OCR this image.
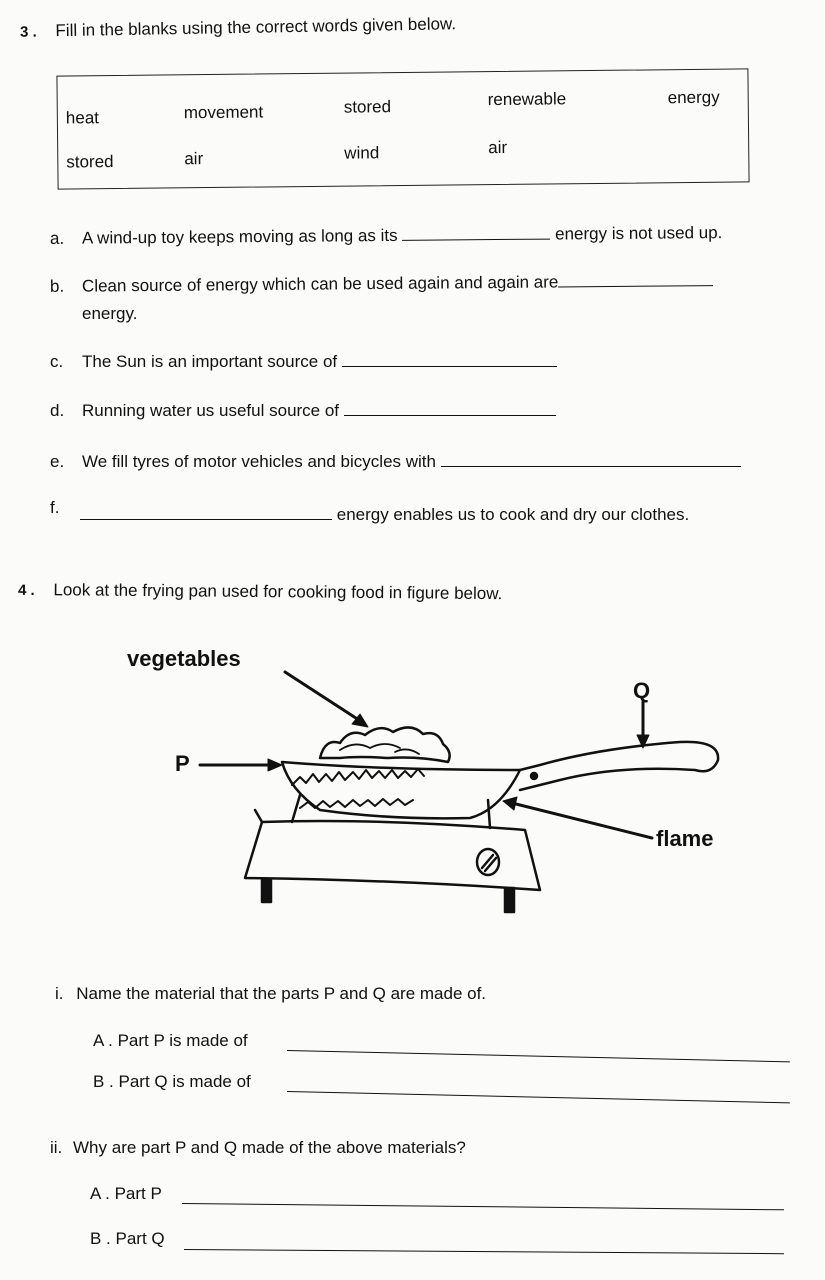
3 . Fill in the blanks using the correct words given below.
heat	movement	stored	renewable	energy
stored	air	wind	air
a. A wind-up toy keeps moving as long as its	energy is not used up.
b. Clean source of energy which can be used again and again are
energy.
c. The Sun is an important source of
d. Running water us useful source of
e. We fill tyres of motor vehicles and bicycles with
f.	energy enables us to cook and dry our clothes.
4 . Look at the frying pan used for cooking food in figure below.
vegetables
P
Q
flame
i. Name the material that the parts P and Q are made of.
A . Part P is made of
B . Part Q is made of
ii. Why are part P and Q made of the above materials?
A . Part P
B . Part Q
